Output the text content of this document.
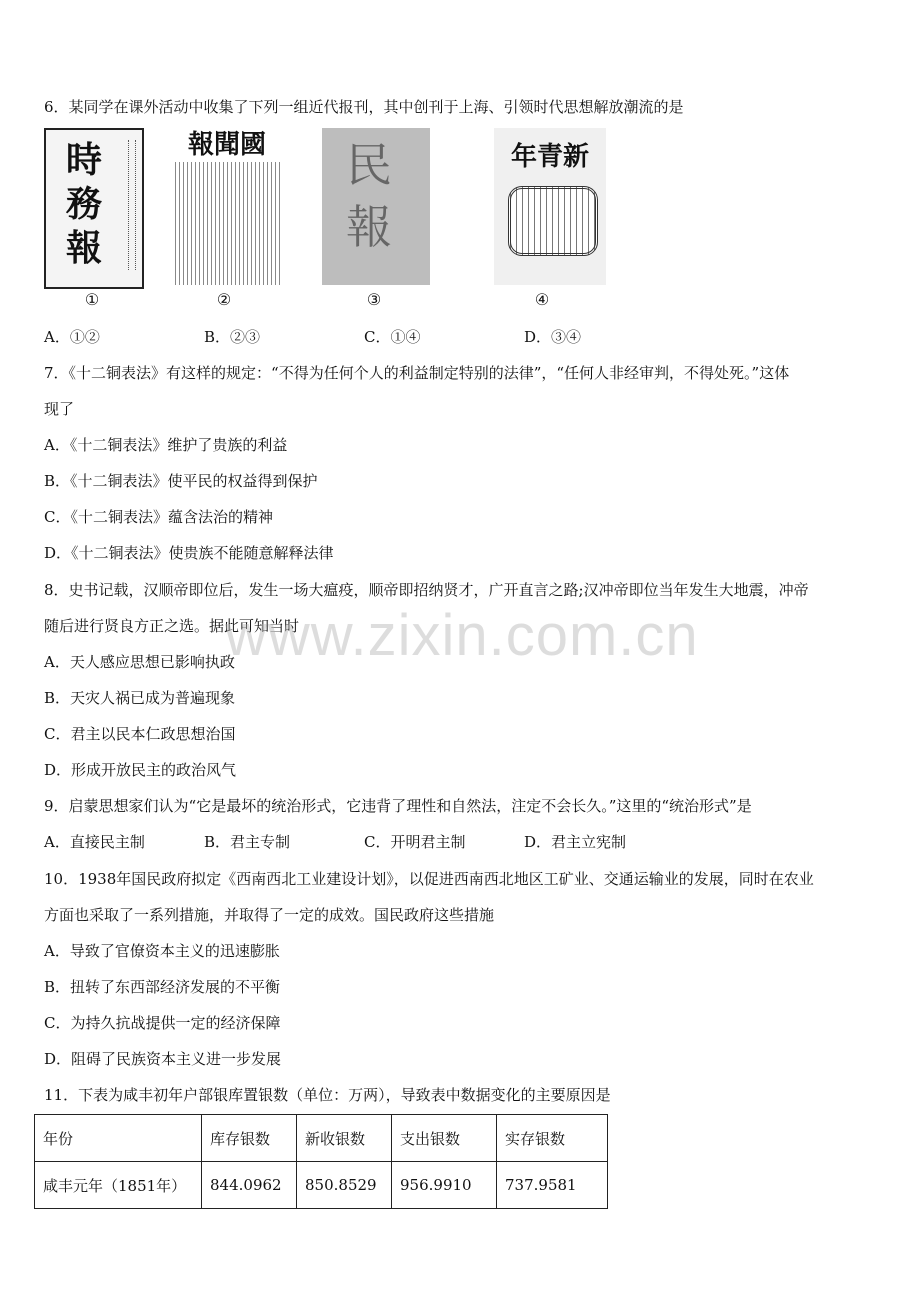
6．某同学在课外活动中收集了下列一组近代报刊，其中创刊于上海、引领时代思想解放潮流的是
時
務
報
報聞國	民
報
年青新
①	②	③	④
A．①②	B．②③	C．①④	D．③④
7．《十二铜表法》有这样的规定：“不得为任何个人的利益制定特别的法律”，“任何人非经审判，不得处死。”这体
现了
A．《十二铜表法》维护了贵族的利益
B．《十二铜表法》使平民的权益得到保护
C．《十二铜表法》蕴含法治的精神
D．《十二铜表法》使贵族不能随意解释法律
8．史书记载，汉顺帝即位后，发生一场大瘟疫，顺帝即招纳贤才，广开直言之路;汉冲帝即位当年发生大地震，冲帝
随后进行贤良方正之选。据此可知当时
A．天人感应思想已影响执政
B．天灾人祸已成为普遍现象
C．君主以民本仁政思想治国
D．形成开放民主的政治风气
9．启蒙思想家们认为“它是最坏的统治形式，它违背了理性和自然法，注定不会长久。”这里的“统治形式”是
A．直接民主制	B．君主专制	C．开明君主制	D．君主立宪制
10．1938年国民政府拟定《西南西北工业建设计划》，以促进西南西北地区工矿业、交通运输业的发展，同时在农业
方面也采取了一系列措施，并取得了一定的成效。国民政府这些措施
A．导致了官僚资本主义的迅速膨胀
B．扭转了东西部经济发展的不平衡
C．为持久抗战提供一定的经济保障
D．阻碍了民族资本主义进一步发展
11．下表为咸丰初年户部银库置银数（单位：万两），导致表中数据变化的主要原因是
年份	库存银数	新收银数	支出银数	实存银数
咸丰元年（1851年）	844.0962	850.8529	956.9910	737.9581
www.zixin.com.cn
